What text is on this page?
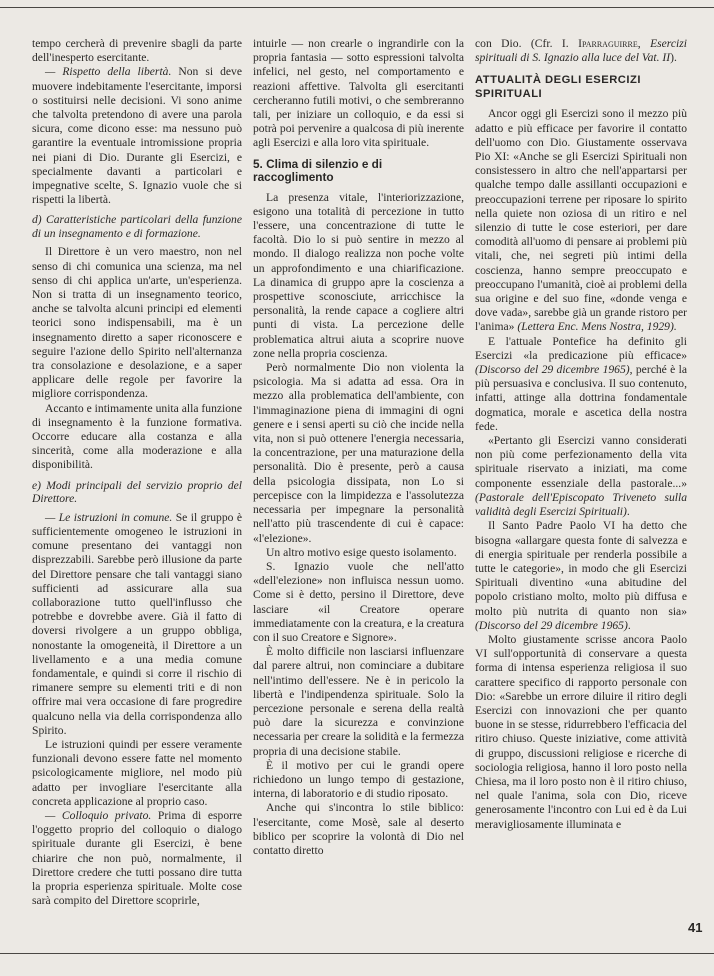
tempo cercherà di prevenire sbagli da parte dell'inesperto esercitante.

— Rispetto della libertà. Non si deve muovere indebitamente l'esercitante, imporsi o sostituirsi nelle decisioni. Vi sono anime che talvolta pretendono di avere una parola sicura, come dicono esse: ma nessuno può garantire la eventuale intromissione propria nei piani di Dio. Durante gli Esercizi, e specialmente davanti a particolari e impegnative scelte, S. Ignazio vuole che si rispetti la libertà.

d) Caratteristiche particolari della funzione di un insegnamento e di formazione.

Il Direttore è un vero maestro, non nel senso di chi comunica una scienza, ma nel senso di chi applica un'arte, un'esperienza. Non si tratta di un insegnamento teorico, anche se talvolta alcuni principi ed elementi teorici sono indispensabili, ma è un insegnamento diretto a saper riconoscere e seguire l'azione dello Spirito nell'alternanza tra consolazione e desolazione, e a saper applicare delle regole per favorire la migliore corrispondenza.

Accanto e intimamente unita alla funzione di insegnamento è la funzione formativa. Occorre educare alla costanza e alla sincerità, come alla moderazione e alla disponibilità.

e) Modi principali del servizio proprio del Direttore.

— Le istruzioni in comune. Se il gruppo è sufficientemente omogeneo le istruzioni in comune presentano dei vantaggi non disprezzabili. Sarebbe però illusione da parte del Direttore pensare che tali vantaggi siano sufficienti ad assicurare alla sua collaborazione tutto quell'influsso che potrebbe e dovrebbe avere. Già il fatto di doversi rivolgere a un gruppo obbliga, nonostante la omogeneità, il Direttore a un livellamento e a una media comune fondamentale, e quindi si corre il rischio di rimanere sempre su elementi triti e di non offrire mai vera occasione di fare progredire qualcuno nella via della corrispondenza allo Spirito.

Le istruzioni quindi per essere veramente funzionali devono essere fatte nel momento psicologicamente migliore, nel modo più adatto per invogliare l'esercitante alla concreta applicazione al proprio caso.

— Colloquio privato. Prima di esporre l'oggetto proprio del colloquio o dialogo spirituale durante gli Esercizi, è bene chiarire che non può, normalmente, il Direttore credere che tutti possano dire tutta la propria esperienza spirituale. Molte cose sarà compito del Direttore scoprirle,

intuirle — non crearle o ingrandirle con la propria fantasia — sotto espressioni talvolta infelici, nel gesto, nel comportamento e reazioni affettive. Talvolta gli esercitanti cercheranno futili motivi, o che sembreranno tali, per iniziare un colloquio, e da essi si potrà poi pervenire a qualcosa di più inerente agli Esercizi e alla loro vita spirituale.

5. Clima di silenzio e di raccoglimento

La presenza vitale, l'interiorizzazione, esigono una totalità di percezione in tutto l'essere, una concentrazione di tutte le facoltà. Dio lo si può sentire in mezzo al mondo. Il dialogo realizza non poche volte un approfondimento e una chiarificazione. La dinamica di gruppo apre la coscienza a prospettive sconosciute, arricchisce la personalità, la rende capace a cogliere altri punti di vista. La percezione delle problematica altrui aiuta a scoprire nuove zone nella propria coscienza.

Però normalmente Dio non violenta la psicologia. Ma si adatta ad essa. Ora in mezzo alla problematica dell'ambiente, con l'immaginazione piena di immagini di ogni genere e i sensi aperti su ciò che incide nella vita, non si può ottenere l'energia necessaria, la concentrazione, per una maturazione della personalità. Dio è presente, però a causa della psicologia dissipata, non Lo si percepisce con la limpidezza e l'assolutezza necessaria per impegnare la personalità nell'atto più trascendente di cui è capace: «l'elezione».

Un altro motivo esige questo isolamento.

S. Ignazio vuole che nell'atto «dell'elezione» non influisca nessun uomo. Come si è detto, persino il Direttore, deve lasciare «il Creatore operare immediatamente con la creatura, e la creatura con il suo Creatore e Signore».

È molto difficile non lasciarsi influenzare dal parere altrui, non cominciare a dubitare nell'intimo dell'essere. Ne è in pericolo la libertà e l'indipendenza spirituale. Solo la percezione personale e serena della realtà può dare la sicurezza e convinzione necessaria per creare la solidità e la fermezza propria di una decisione stabile.

È il motivo per cui le grandi opere richiedono un lungo tempo di gestazione, interna, di laboratorio e di studio riposato.

Anche qui s'incontra lo stile biblico: l'esercitante, come Mosè, sale al deserto biblico per scoprire la volontà di Dio nel contatto diretto

con Dio. (Cfr. I. Iparraguirre, Esercizi spirituali di S. Ignazio alla luce del Vat. II).

ATTUALITÀ DEGLI ESERCIZI SPIRITUALI

Ancor oggi gli Esercizi sono il mezzo più adatto e più efficace per favorire il contatto dell'uomo con Dio. Giustamente osservava Pio XI: «Anche se gli Esercizi Spirituali non consistessero in altro che nell'appartarsi per qualche tempo dalle assillanti occupazioni e preoccupazioni terrene per riposare lo spirito nella quiete non oziosa di un ritiro e nel silenzio di tutte le cose esteriori, per dare comodità all'uomo di pensare ai problemi più vitali, che, nei segreti più intimi della coscienza, hanno sempre preoccupato e preoccupano l'umanità, cioè ai problemi della sua origine e del suo fine, «donde venga e dove vada», sarebbe già un grande ristoro per l'anima» (Lettera Enc. Mens Nostra, 1929).

E l'attuale Pontefice ha definito gli Esercizi «la predicazione più efficace» (Discorso del 29 dicembre 1965), perché è la più persuasiva e conclusiva. Il suo contenuto, infatti, attinge alla dottrina fondamentale dogmatica, morale e ascetica della nostra fede.

«Pertanto gli Esercizi vanno considerati non più come perfezionamento della vita spirituale riservato a iniziati, ma come componente essenziale della pastorale...» (Pastorale dell'Episcopato Triveneto sulla validità degli Esercizi Spirituali).

Il Santo Padre Paolo VI ha detto che bisogna «allargare questa fonte di salvezza e di energia spirituale per renderla possibile a tutte le categorie», in modo che gli Esercizi Spirituali diventino «una abitudine del popolo cristiano molto, molto più diffusa e molto più nutrita di quanto non sia» (Discorso del 29 dicembre 1965).

Molto giustamente scrisse ancora Paolo VI sull'opportunità di conservare a questa forma di intensa esperienza religiosa il suo carattere specifico di rapporto personale con Dio: «Sarebbe un errore diluire il ritiro degli Esercizi con innovazioni che per quanto buone in se stesse, ridurrebbero l'efficacia del ritiro chiuso. Queste iniziative, come attività di gruppo, discussioni religiose e ricerche di sociologia religiosa, hanno il loro posto nella Chiesa, ma il loro posto non è il ritiro chiuso, nel quale l'anima, sola con Dio, riceve generosamente l'incontro con Lui ed è da Lui meravigliosamente illuminata e

41
